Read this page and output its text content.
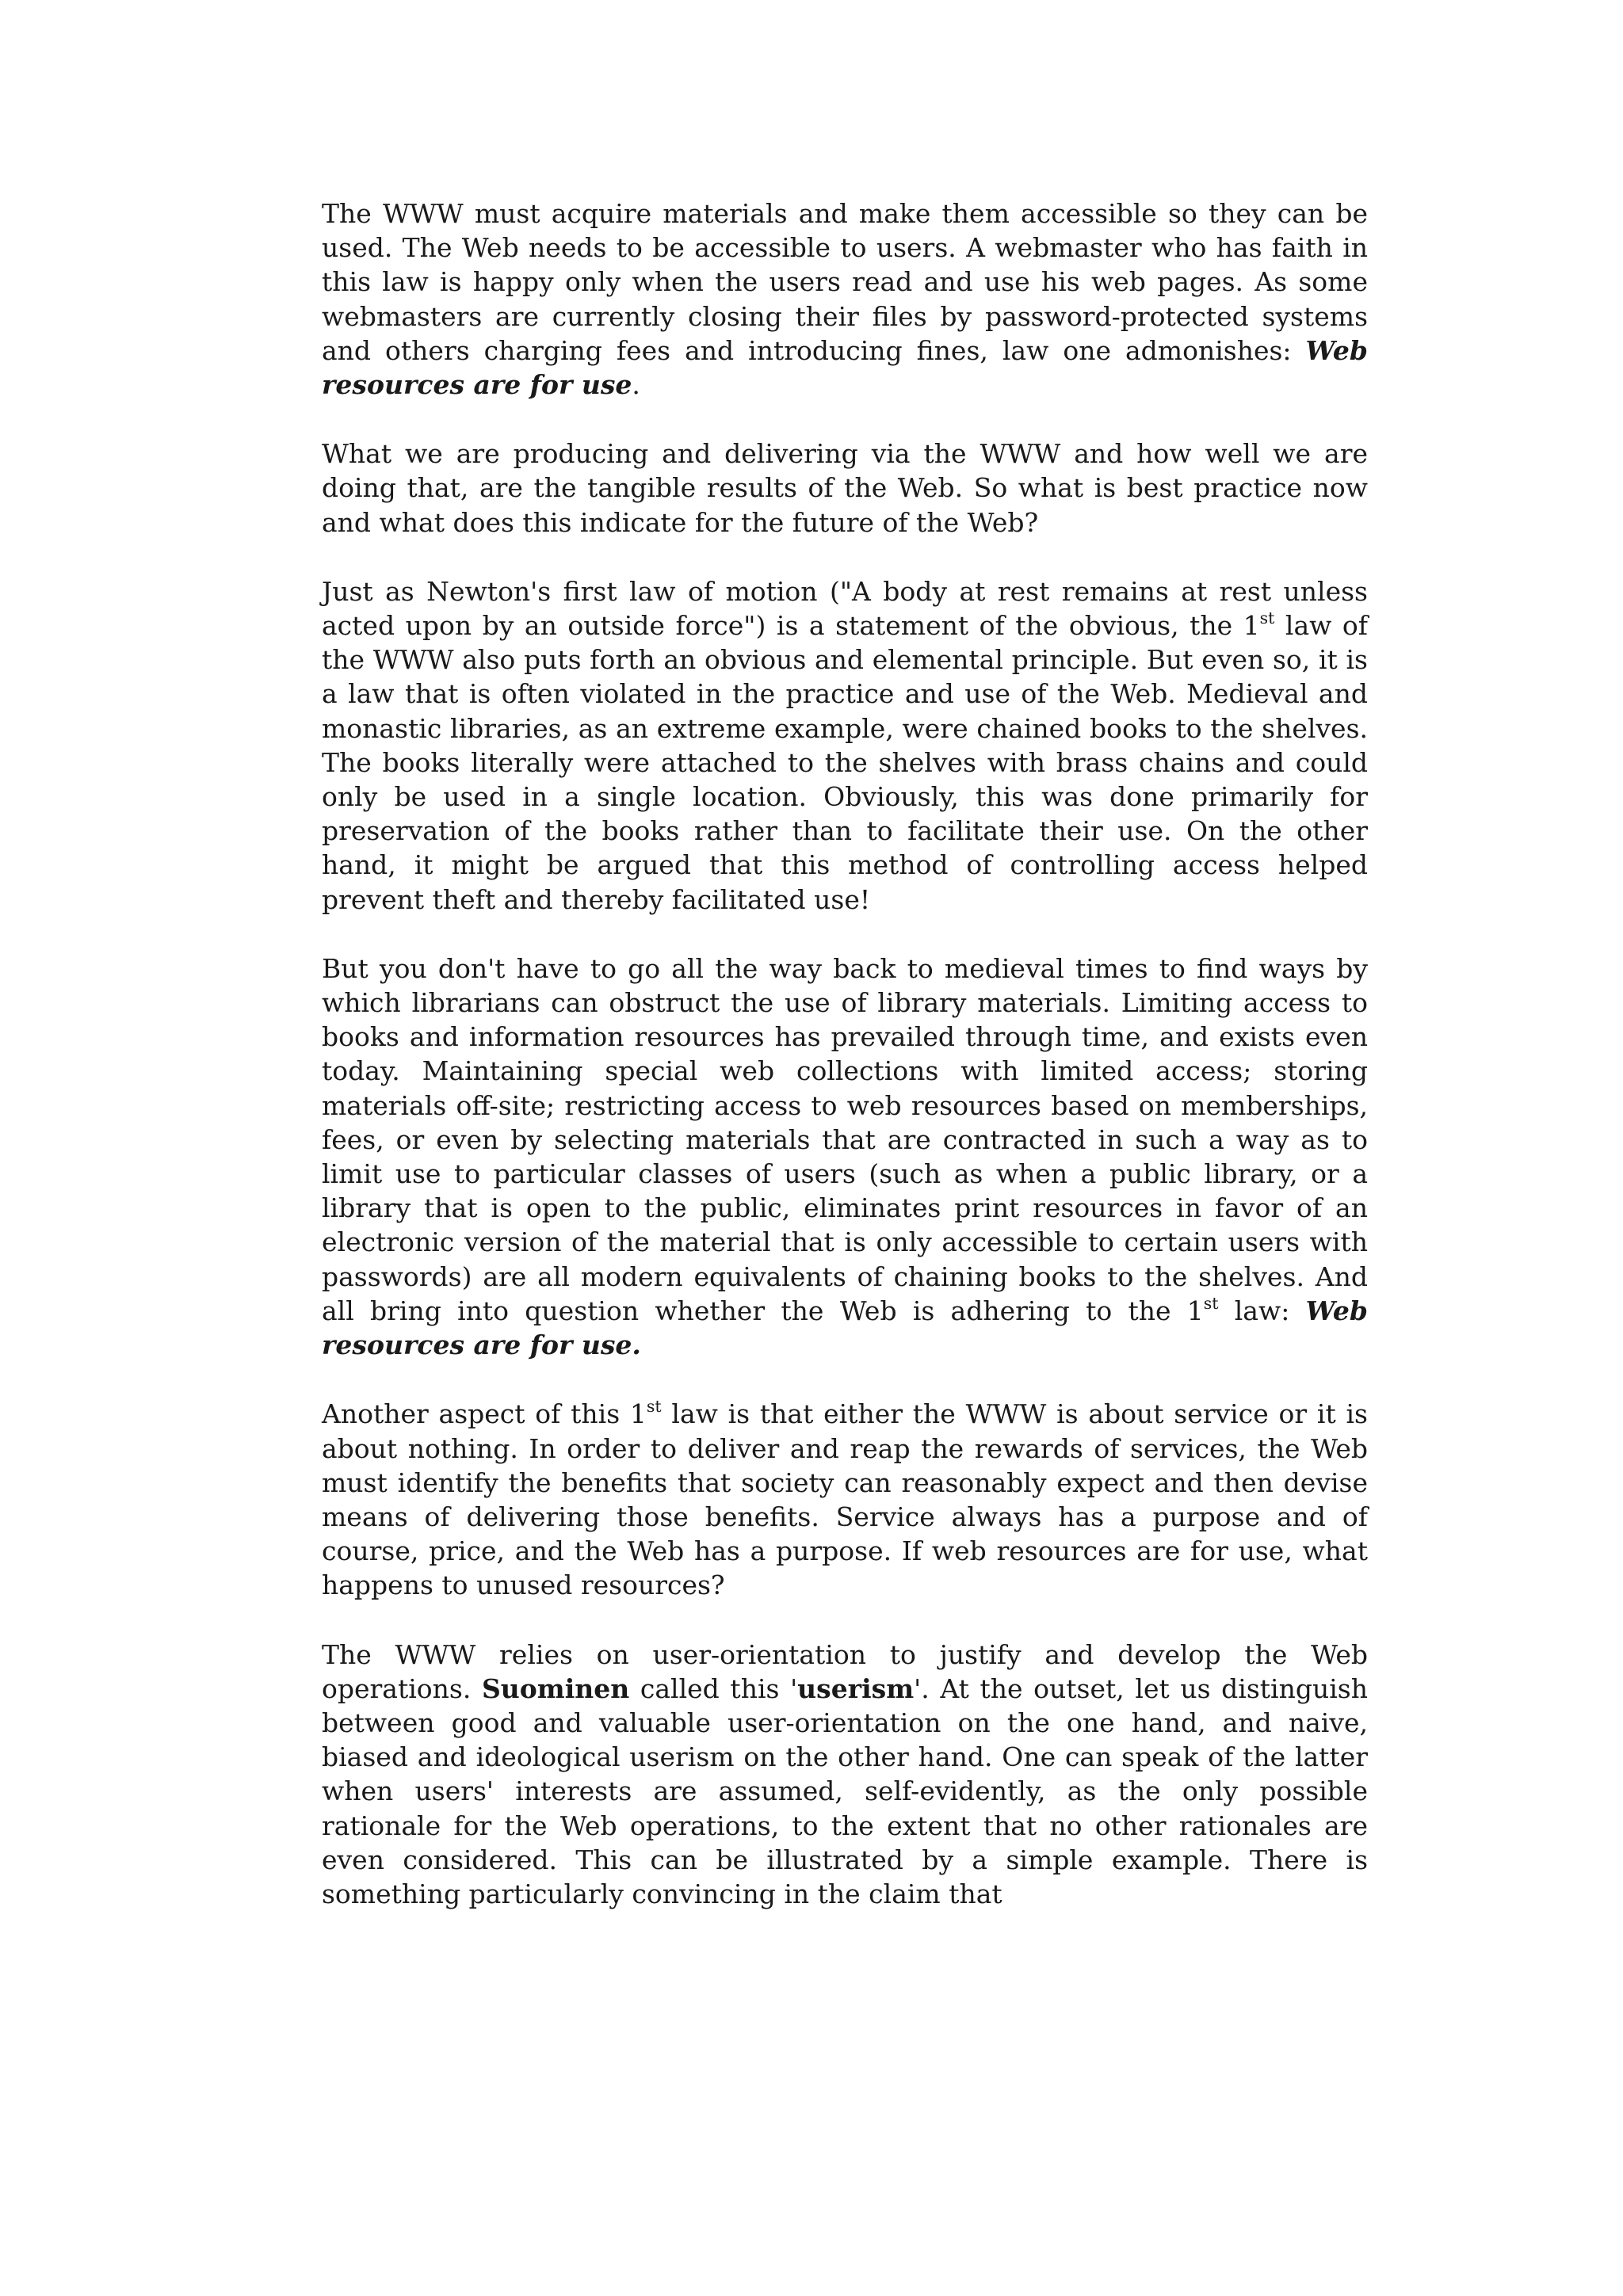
The WWW must acquire materials and make them accessible so they can be used. The Web needs to be accessible to users. A webmaster who has faith in this law is happy only when the users read and use his web pages. As some webmasters are currently closing their files by password-protected systems and others charging fees and introducing fines, law one admonishes: Web resources are for use.

What we are producing and delivering via the WWW and how well we are doing that, are the tangible results of the Web. So what is best practice now and what does this indicate for the future of the Web?

Just as Newton's first law of motion ("A body at rest remains at rest unless acted upon by an outside force") is a statement of the obvious, the 1st law of the WWW also puts forth an obvious and elemental principle. But even so, it is a law that is often violated in the practice and use of the Web. Medieval and monastic libraries, as an extreme example, were chained books to the shelves. The books literally were attached to the shelves with brass chains and could only be used in a single location. Obviously, this was done primarily for preservation of the books rather than to facilitate their use. On the other hand, it might be argued that this method of controlling access helped prevent theft and thereby facilitated use!

But you don't have to go all the way back to medieval times to find ways by which librarians can obstruct the use of library materials. Limiting access to books and information resources has prevailed through time, and exists even today. Maintaining special web collections with limited access; storing materials off-site; restricting access to web resources based on memberships, fees, or even by selecting materials that are contracted in such a way as to limit use to particular classes of users (such as when a public library, or a library that is open to the public, eliminates print resources in favor of an electronic version of the material that is only accessible to certain users with passwords) are all modern equivalents of chaining books to the shelves. And all bring into question whether the Web is adhering to the 1st law: Web resources are for use.

Another aspect of this 1st law is that either the WWW is about service or it is about nothing. In order to deliver and reap the rewards of services, the Web must identify the benefits that society can reasonably expect and then devise means of delivering those benefits. Service always has a purpose and of course, price, and the Web has a purpose. If web resources are for use, what happens to unused resources?

The WWW relies on user-orientation to justify and develop the Web operations. Suominen called this 'userism'. At the outset, let us distinguish between good and valuable user-orientation on the one hand, and naive, biased and ideological userism on the other hand. One can speak of the latter when users' interests are assumed, self-evidently, as the only possible rationale for the Web operations, to the extent that no other rationales are even considered. This can be illustrated by a simple example. There is something particularly convincing in the claim that
